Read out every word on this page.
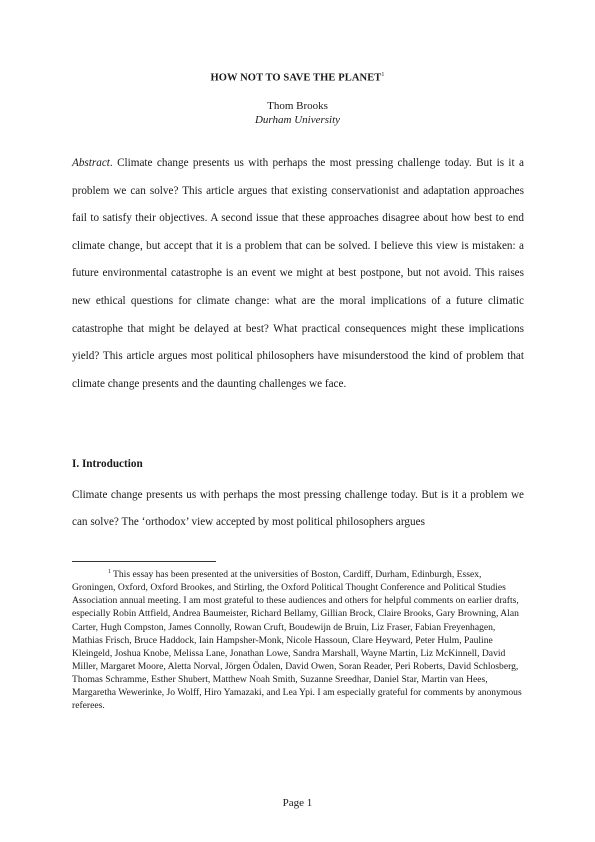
HOW NOT TO SAVE THE PLANET$^1$
Thom Brooks
Durham University

Abstract. Climate change presents us with perhaps the most pressing challenge today. But is it a problem we can solve? This article argues that existing conservationist and adaptation approaches fail to satisfy their objectives. A second issue that these approaches disagree about how best to end climate change, but accept that it is a problem that can be solved. I believe this view is mistaken: a future environmental catastrophe is an event we might at best postpone, but not avoid. This raises new ethical questions for climate change: what are the moral implications of a future climatic catastrophe that might be delayed at best? What practical consequences might these implications yield? This article argues most political philosophers have misunderstood the kind of problem that climate change presents and the daunting challenges we face.

I. Introduction

Climate change presents us with perhaps the most pressing challenge today. But is it a problem we can solve? The ‘orthodox’ view accepted by most political philosophers argues

$^1$ This essay has been presented at the universities of Boston, Cardiff, Durham, Edinburgh, Essex, Groningen, Oxford, Oxford Brookes, and Stirling, the Oxford Political Thought Conference and Political Studies Association annual meeting. I am most grateful to these audiences and others for helpful comments on earlier drafts, especially Robin Attfield, Andrea Baumeister, Richard Bellamy, Gillian Brock, Claire Brooks, Gary Browning, Alan Carter, Hugh Compston, James Connolly, Rowan Cruft, Boudewijn de Bruin, Liz Fraser, Fabian Freyenhagen, Mathias Frisch, Bruce Haddock, Iain Hampsher-Monk, Nicole Hassoun, Clare Heyward, Peter Hulm, Pauline Kleingeld, Joshua Knobe, Melissa Lane, Jonathan Lowe, Sandra Marshall, Wayne Martin, Liz McKinnell, David Miller, Margaret Moore, Aletta Norval, Jörgen Ödalen, David Owen, Soran Reader, Peri Roberts, David Schlosberg, Thomas Schramme, Esther Shubert, Matthew Noah Smith, Suzanne Sreedhar, Daniel Star, Martin van Hees, Margaretha Wewerinke, Jo Wolff, Hiro Yamazaki, and Lea Ypi. I am especially grateful for comments by anonymous referees.

Page 1
